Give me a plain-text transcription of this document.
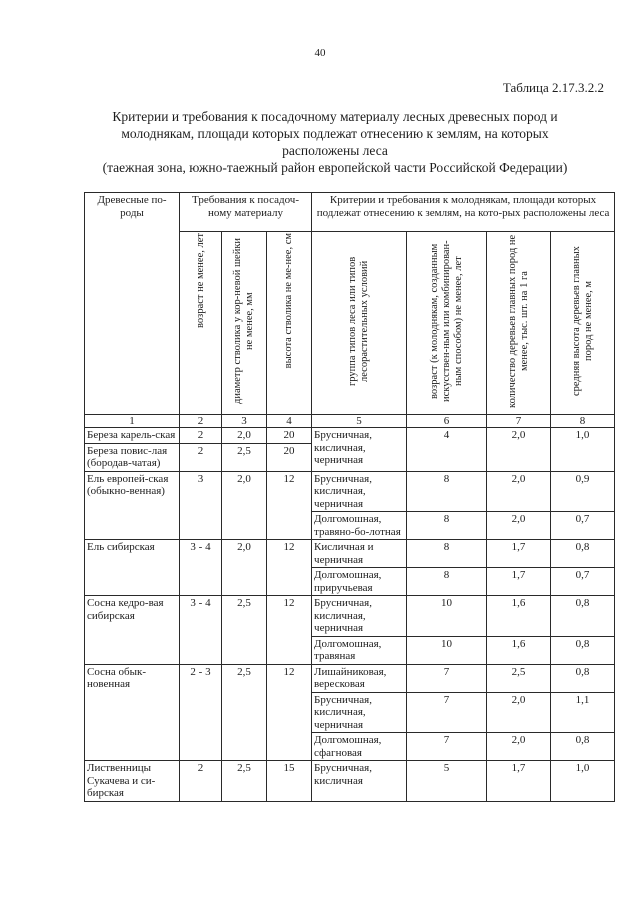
40
Таблица 2.17.3.2.2
Критерии и требования к посадочному материалу лесных древесных пород и
молоднякам, площади которых подлежат отнесению к землям, на которых
расположены леса
(таежная зона, южно-таежный район европейской части Российской Федерации)
Древесные по-роды	Требования к посадоч-ному материалу			Критерии и требования к молоднякам, площади которых подлежат отнесению к землям, на кото-рых расположены леса			

	возраст не менее, лет	диаметр стволика у кор-невой шейки не менее, мм	высота стволика не ме-нее, см	группа типов леса или типов лесорастительных условий	возраст (к молоднякам, созданным искусствен-ным или комбинирован-ным способом) не менее, лет	количество деревьев главных пород не менее, тыс. шт. на 1 га	средняя высота деревьев главных пород не менее, м

1	2	3	4	5	6	7	8
Береза карель-ская	2	2,0	20	Брусничная, кисличная, черничная	4	2,0	1,0
Береза повис-лая (бородав-чатая)	2	2,5	20				
Ель европей-ская (обыкно-венная)	3	2,0	12	Брусничная, кисличная, черничная	8	2,0	0,9
				Долгомошная, травяно-бо-лотная	8	2,0	0,7
Ель сибирская	3 - 4	2,0	12	Кисличная и черничная	8	1,7	0,8
				Долгомошная, приручьевая	8	1,7	0,7
Сосна кедро-вая сибирская	3 - 4	2,5	12	Брусничная, кисличная, черничная	10	1,6	0,8
				Долгомошная, травяная	10	1,6	0,8
Сосна обык-новенная	2 - 3	2,5	12	Лишайниковая, вересковая	7	2,5	0,8
				Брусничная, кисличная, черничная	7	2,0	1,1
				Долгомошная, сфагновая	7	2,0	0,8
Лиственницы Сукачева и си-бирская	2	2,5	15	Брусничная, кисличная	5	1,7	1,0
